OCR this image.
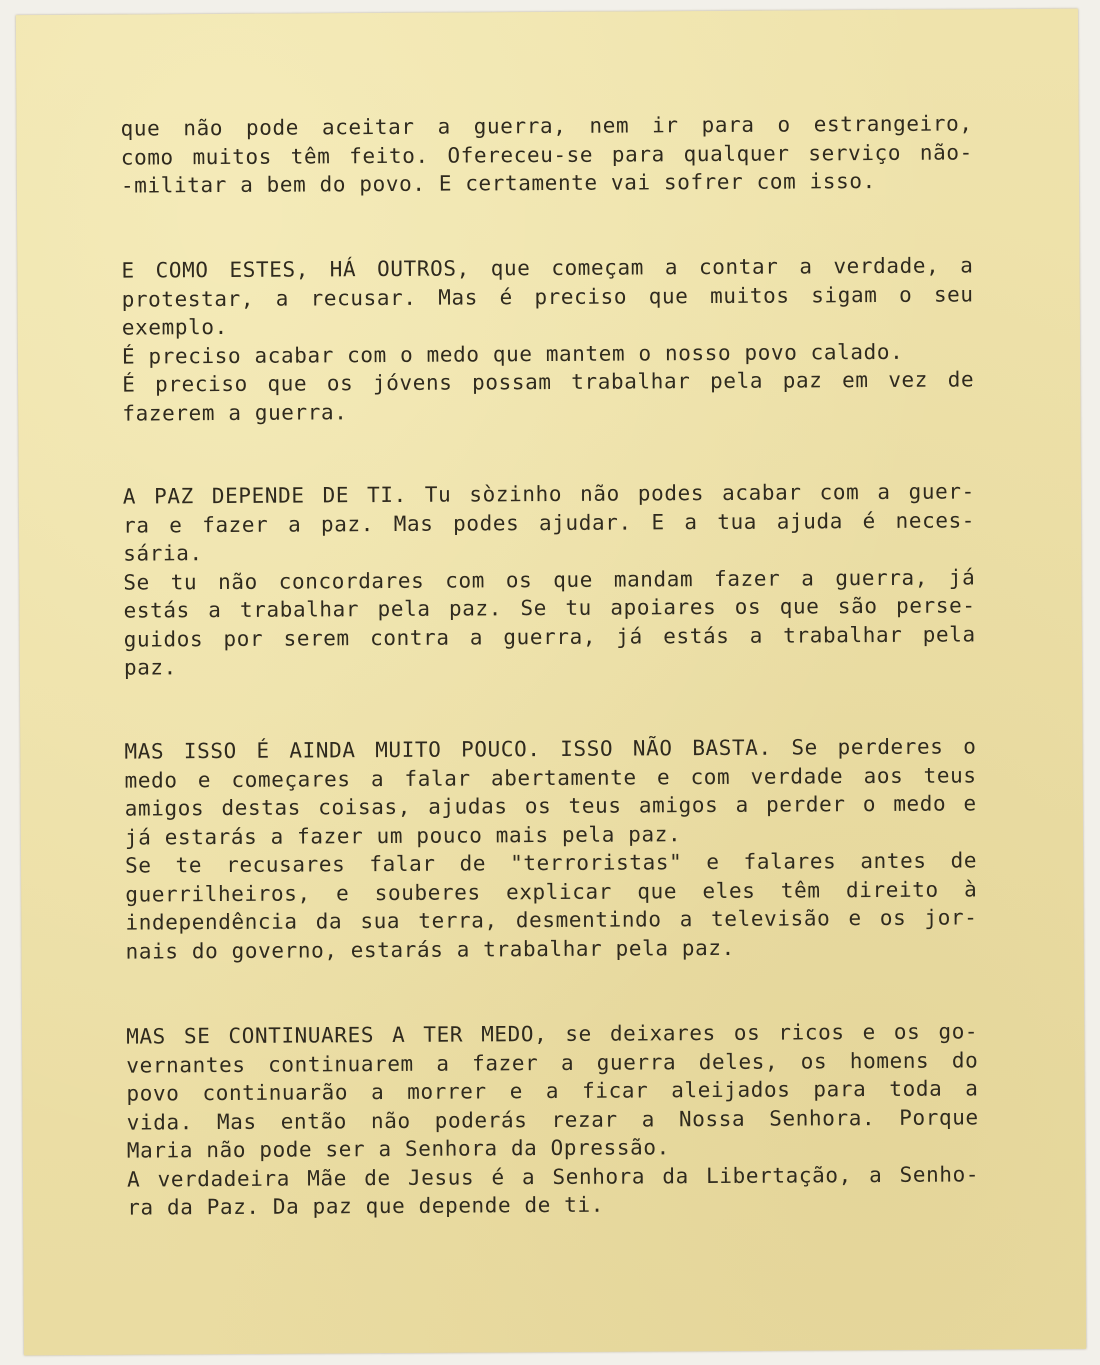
que não pode aceitar a guerra, nem ir para o estrangeiro,
como muitos têm feito. Ofereceu-se para qualquer serviço não-
-militar a bem do povo. E certamente vai sofrer com isso.
E COMO ESTES, HÁ OUTROS, que começam a contar a verdade, a
protestar, a recusar. Mas é preciso que muitos sigam o seu
exemplo.
É preciso acabar com o medo que mantem o nosso povo calado.
É preciso que os jóvens possam trabalhar pela paz em vez de
fazerem a guerra.
A PAZ DEPENDE DE TI. Tu sòzinho não podes acabar com a guer-
ra e fazer a paz. Mas podes ajudar. E a tua ajuda é neces-
sária.
Se tu não concordares com os que mandam fazer a guerra, já
estás a trabalhar pela paz. Se tu apoiares os que são perse-
guidos por serem contra a guerra, já estás a trabalhar pela
paz.
MAS ISSO É AINDA MUITO POUCO. ISSO NÃO BASTA. Se perderes o
medo e começares a falar abertamente e com verdade aos teus
amigos destas coisas, ajudas os teus amigos a perder o medo e
já estarás a fazer um pouco mais pela paz.
Se te recusares falar de "terroristas" e falares antes de
guerrilheiros, e souberes explicar que eles têm direito à
independência da sua terra, desmentindo a televisão e os jor-
nais do governo, estarás a trabalhar pela paz.
MAS SE CONTINUARES A TER MEDO, se deixares os ricos e os go-
vernantes continuarem a fazer a guerra deles, os homens do
povo continuarão a morrer e a ficar aleijados para toda a
vida. Mas então não poderás rezar a Nossa Senhora. Porque
Maria não pode ser a Senhora da Opressão.
A verdadeira Mãe de Jesus é a Senhora da Libertação, a Senho-
ra da Paz. Da paz que depende de ti.
